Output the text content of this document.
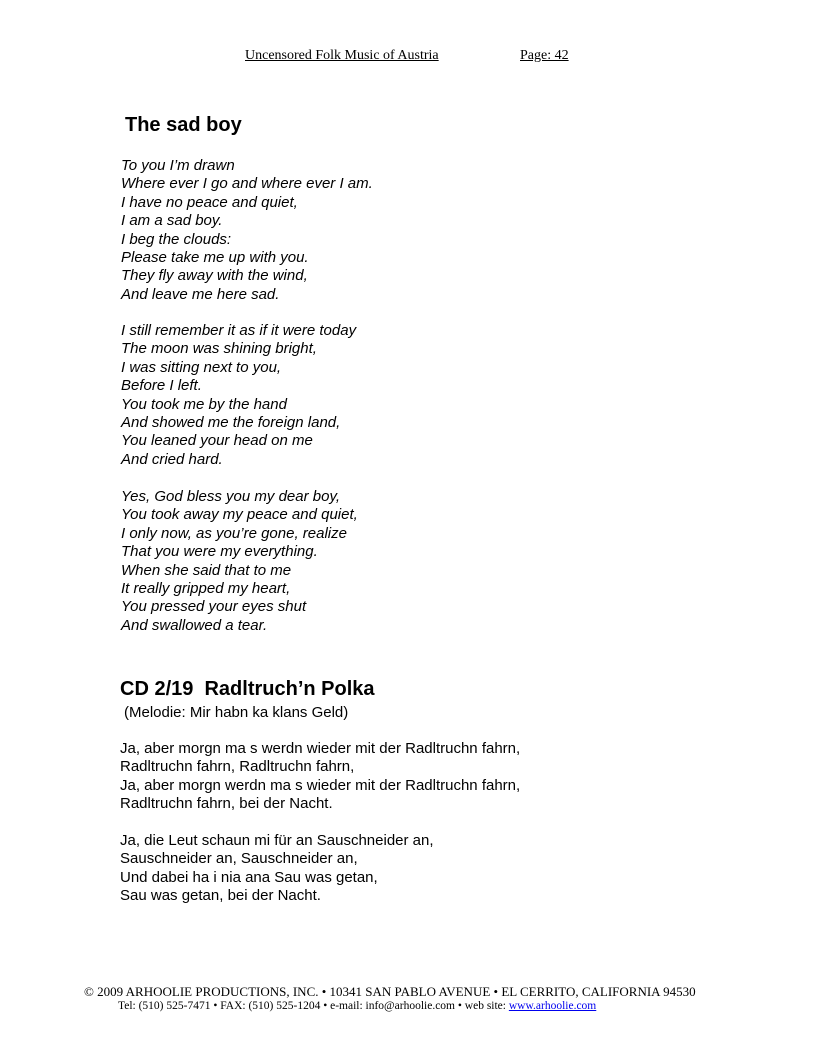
Uncensored Folk Music of Austria	Page: 42
The sad boy
To you I’m drawn
Where ever I go and where ever I am.
I have no peace and quiet,
I am a sad boy.
I beg the clouds:
Please take me up with you.
They fly away with the wind,
And leave me here sad.
I still remember it as if it were today
The moon was shining bright,
I was sitting next to you,
Before I left.
You took me by the hand
And showed me the foreign land,
You leaned your head on me
And cried hard.
Yes, God bless you my dear boy,
You took away my peace and quiet,
I only now, as you’re gone, realize
That you were my everything.
When she said that to me
It really gripped my heart,
You pressed your eyes shut
And swallowed a tear.
CD 2/19  Radltruch’n Polka
(Melodie: Mir habn ka klans Geld)
Ja, aber morgn ma s werdn wieder mit der Radltruchn fahrn,
Radltruchn fahrn, Radltruchn fahrn,
Ja, aber morgn werdn ma s wieder mit der Radltruchn fahrn,
Radltruchn fahrn, bei der Nacht.
Ja, die Leut schaun mi für an Sauschneider an,
Sauschneider an, Sauschneider an,
Und dabei ha i nia ana Sau was getan,
Sau was getan, bei der Nacht.
© 2009 ARHOOLIE PRODUCTIONS, INC. • 10341 SAN PABLO AVENUE • EL CERRITO, CALIFORNIA 94530
Tel: (510) 525-7471 • FAX: (510) 525-1204 • e-mail: info@arhoolie.com • web site: www.arhoolie.com
